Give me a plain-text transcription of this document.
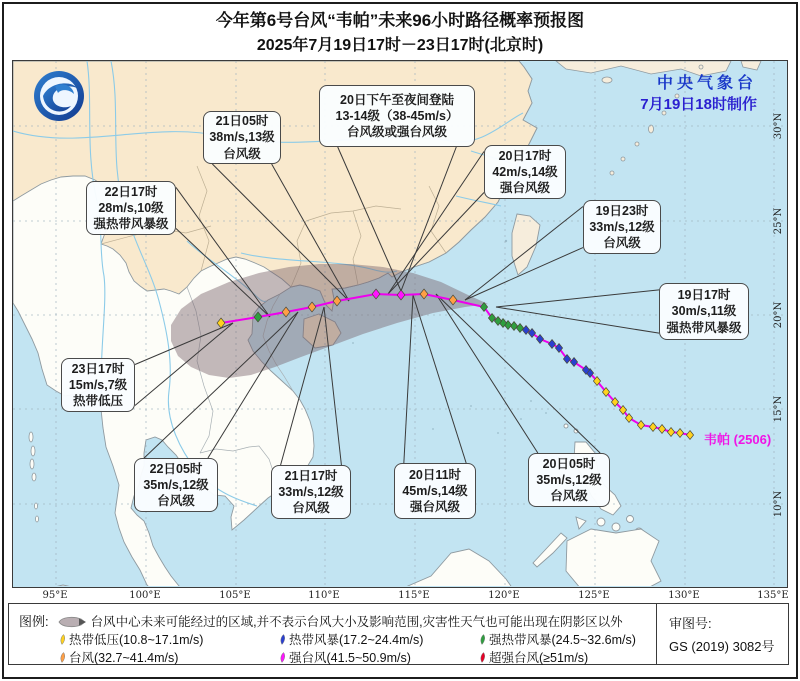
今年第6号台风“韦帕”未来96小时路径概率预报图
2025年7月19日17时－23日17时(北京时)
30°N
25°N
20°N
15°N
10°N
中央气象台
7月19日18时制作
韦帕 (2506)
21日05时
38m/s,13级
台风级
22日17时
28m/s,10级
强热带风暴级
20日下午至夜间登陆
13-14级（38-45m/s）
台风级或强台风级
20日17时
42m/s,14级
强台风级
19日23时
33m/s,12级
台风级
19日17时
30m/s,11级
强热带风暴级
23日17时
15m/s,7级
热带低压
22日05时
35m/s,12级
台风级
21日17时
33m/s,12级
台风级
20日11时
45m/s,14级
强台风级
20日05时
35m/s,12级
台风级
95°E	100°E	105°E	110°E	115°E	120°E	125°E	130°E	135°E
图例:	台风中心未来可能经过的区域,并不表示台风大小及影响范围,灾害性天气也可能出现在阴影区以外
热带低压(10.8~17.1m/s)	热带风暴(17.2~24.4m/s)	强热带风暴(24.5~32.6m/s)
台风(32.7~41.4m/s)	强台风(41.5~50.9m/s)	超强台风(≥51m/s)
审图号:
GS (2019) 3082号
